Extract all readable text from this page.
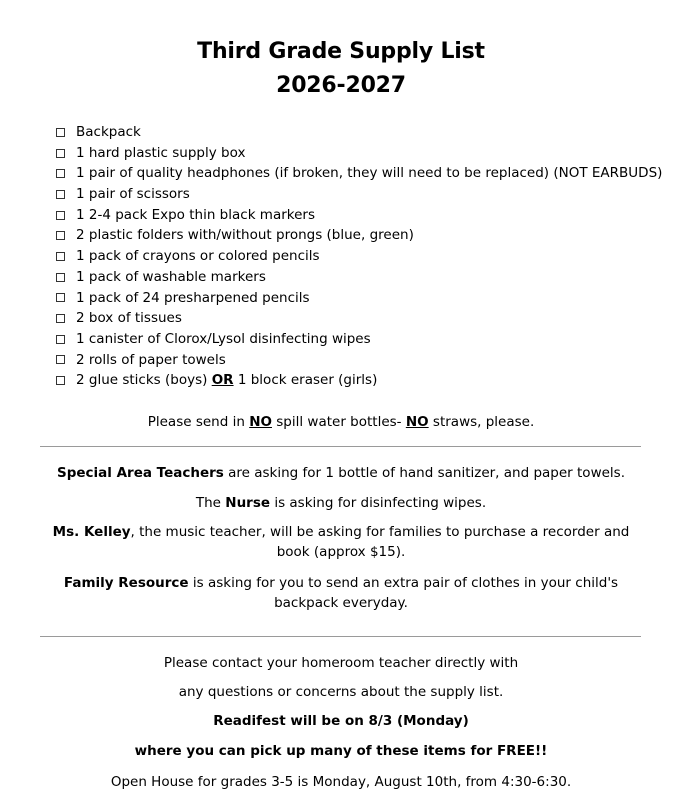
Third Grade Supply List
2026-2027
Backpack
1 hard plastic supply box
1 pair of quality headphones (if broken, they will need to be replaced) (NOT EARBUDS)
1 pair of scissors
1 2-4 pack Expo thin black markers
2 plastic folders with/without prongs (blue, green)
1 pack of crayons or colored pencils
1 pack of washable markers
1 pack of 24 presharpened pencils
2 box of tissues
1 canister of Clorox/Lysol disinfecting wipes
2 rolls of paper towels
2 glue sticks (boys) OR 1 block eraser (girls)
Please send in NO spill water bottles- NO straws, please.
Special Area Teachers are asking for 1 bottle of hand sanitizer, and paper towels.
The Nurse is asking for disinfecting wipes.
Ms. Kelley, the music teacher, will be asking for families to purchase a recorder and book (approx $15).
Family Resource is asking for you to send an extra pair of clothes in your child's backpack everyday.
Please contact your homeroom teacher directly with
any questions or concerns about the supply list.
Readifest will be on 8/3 (Monday)
where you can pick up many of these items for FREE!!
Open House for grades 3-5 is Monday, August 10th, from 4:30-6:30.
